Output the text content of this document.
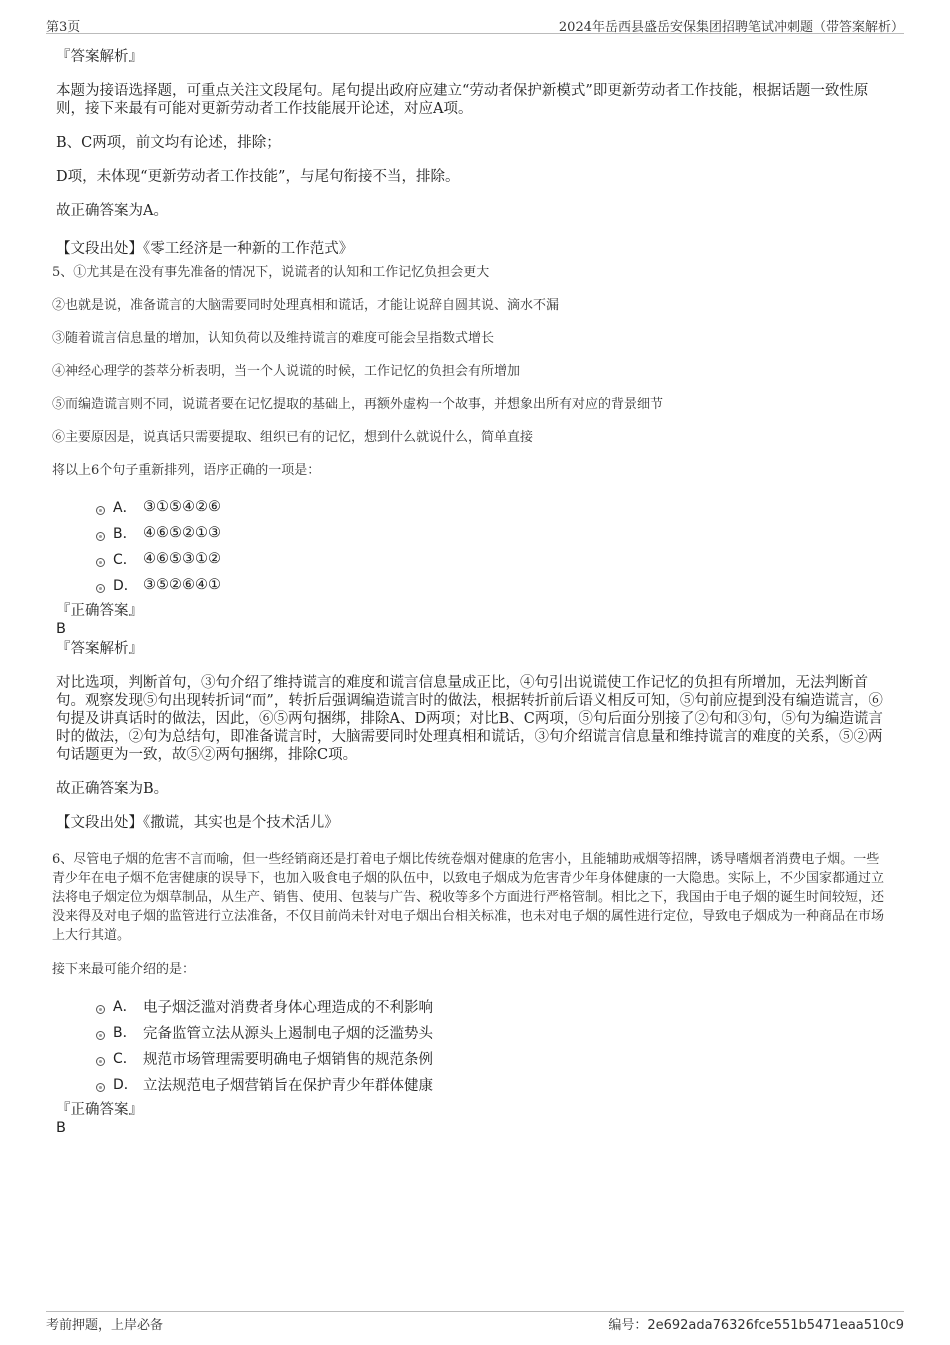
第3页	2024年岳西县盛岳安保集团招聘笔试冲刺题（带答案解析）
『答案解析』
本题为接语选择题，可重点关注文段尾句。尾句提出政府应建立“劳动者保护新模式”即更新劳动者工作技能，根据话题一致性原则，接下来最有可能对更新劳动者工作技能展开论述，对应A项。
B、C两项，前文均有论述，排除；
D项，未体现“更新劳动者工作技能”，与尾句衔接不当，排除。
故正确答案为A。
【文段出处】《零工经济是一种新的工作范式》
5、①尤其是在没有事先准备的情况下，说谎者的认知和工作记忆负担会更大
②也就是说，准备谎言的大脑需要同时处理真相和谎话，才能让说辞自圆其说、滴水不漏
③随着谎言信息量的增加，认知负荷以及维持谎言的难度可能会呈指数式增长
④神经心理学的荟萃分析表明，当一个人说谎的时候，工作记忆的负担会有所增加
⑤而编造谎言则不同，说谎者要在记忆提取的基础上，再额外虚构一个故事，并想象出所有对应的背景细节
⑥主要原因是，说真话只需要提取、组织已有的记忆，想到什么就说什么，简单直接
将以上6个句子重新排列，语序正确的一项是：
A． ③①⑤④②⑥
B． ④⑥⑤②①③
C． ④⑥⑤③①②
D． ③⑤②⑥④①
『正确答案』
B
『答案解析』
对比选项，判断首句，③句介绍了维持谎言的难度和谎言信息量成正比，④句引出说谎使工作记忆的负担有所增加，无法判断首句。观察发现⑤句出现转折词“而”，转折后强调编造谎言时的做法，根据转折前后语义相反可知，⑤句前应提到没有编造谎言，⑥句提及讲真话时的做法，因此，⑥⑤两句捆绑，排除A、D两项；对比B、C两项，⑤句后面分别接了②句和③句，⑤句为编造谎言时的做法，②句为总结句，即准备谎言时，大脑需要同时处理真相和谎话，③句介绍谎言信息量和维持谎言的难度的关系，⑤②两句话题更为一致，故⑤②两句捆绑，排除C项。
故正确答案为B。
【文段出处】《撒谎，其实也是个技术活儿》
6、尽管电子烟的危害不言而喻，但一些经销商还是打着电子烟比传统卷烟对健康的危害小，且能辅助戒烟等招牌，诱导嗜烟者消费电子烟。一些青少年在电子烟不危害健康的误导下，也加入吸食电子烟的队伍中，以致电子烟成为危害青少年身体健康的一大隐患。实际上，不少国家都通过立法将电子烟定位为烟草制品，从生产、销售、使用、包装与广告、税收等多个方面进行严格管制。相比之下，我国由于电子烟的诞生时间较短，还没来得及对电子烟的监管进行立法准备，不仅目前尚未针对电子烟出台相关标准，也未对电子烟的属性进行定位，导致电子烟成为一种商品在市场上大行其道。
接下来最可能介绍的是：
A． 电子烟泛滥对消费者身体心理造成的不利影响
B． 完备监管立法从源头上遏制电子烟的泛滥势头
C． 规范市场管理需要明确电子烟销售的规范条例
D． 立法规范电子烟营销旨在保护青少年群体健康
『正确答案』
B
考前押题，上岸必备	编号：2e692ada76326fce551b5471eaa510c9
